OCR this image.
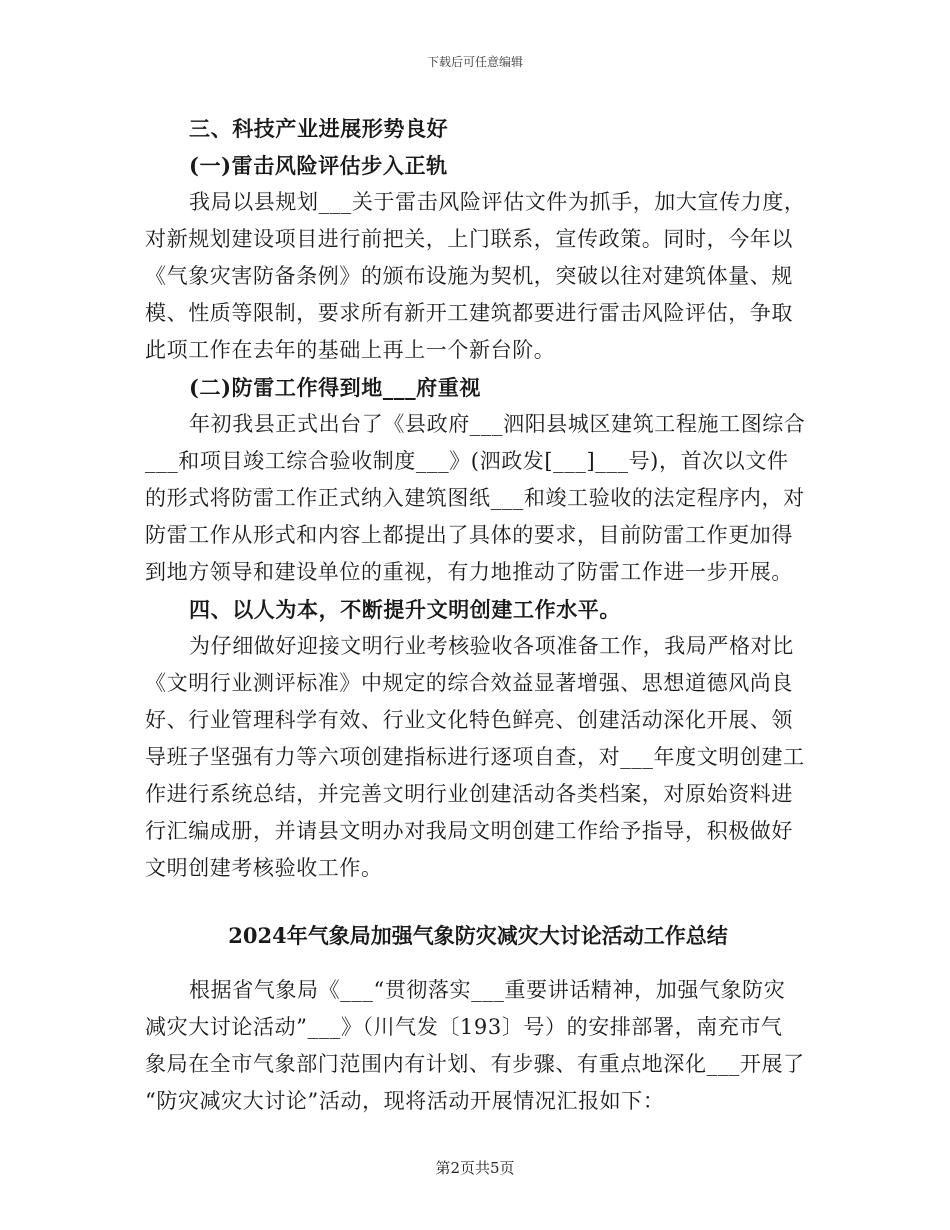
下载后可任意编辑
三、科技产业进展形势良好
(一)雷击风险评估步入正轨
我局以县规划___关于雷击风险评估文件为抓手，加大宣传力度，
对新规划建设项目进行前把关，上门联系，宣传政策。同时，今年以
《气象灾害防备条例》的颁布设施为契机，突破以往对建筑体量、规
模、性质等限制，要求所有新开工建筑都要进行雷击风险评估，争取
此项工作在去年的基础上再上一个新台阶。
(二)防雷工作得到地___府重视
年初我县正式出台了《县政府___泗阳县城区建筑工程施工图综合
___和项目竣工综合验收制度___》(泗政发[___]___号)，首次以文件
的形式将防雷工作正式纳入建筑图纸___和竣工验收的法定程序内，对
防雷工作从形式和内容上都提出了具体的要求，目前防雷工作更加得
到地方领导和建设单位的重视，有力地推动了防雷工作进一步开展。
四、以人为本，不断提升文明创建工作水平。
为仔细做好迎接文明行业考核验收各项准备工作，我局严格对比
《文明行业测评标准》中规定的综合效益显著增强、思想道德风尚良
好、行业管理科学有效、行业文化特色鲜亮、创建活动深化开展、领
导班子坚强有力等六项创建指标进行逐项自查，对___年度文明创建工
作进行系统总结，并完善文明行业创建活动各类档案，对原始资料进
行汇编成册，并请县文明办对我局文明创建工作给予指导，积极做好
文明创建考核验收工作。
2024年气象局加强气象防灾减灾大讨论活动工作总结
根据省气象局《___“贯彻落实___重要讲话精神，加强气象防灾
减灾大讨论活动”___》（川气发〔193〕号）的安排部署，南充市气
象局在全市气象部门范围内有计划、有步骤、有重点地深化___开展了
“防灾减灾大讨论”活动，现将活动开展情况汇报如下：
第2页共5页
